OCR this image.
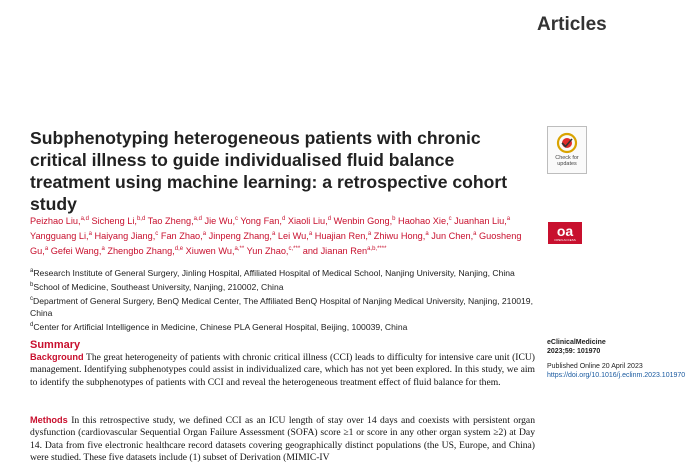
Articles
Subphenotyping heterogeneous patients with chronic critical illness to guide individualised fluid balance treatment using machine learning: a retrospective cohort study
Peizhao Liu,$^{a,d}$ Sicheng Li,$^{b,d}$ Tao Zheng,$^{a,d}$ Jie Wu,$^c$ Yong Fan,$^d$ Xiaoli Liu,$^d$ Wenbin Gong,$^b$ Haohao Xie,$^c$ Juanhan Liu,$^a$ Yangguang Li,$^a$ Haiyang Jiang,$^c$ Fan Zhao,$^a$ Jinpeng Zhang,$^a$ Lei Wu,$^a$ Huajian Ren,$^a$ Zhiwu Hong,$^a$ Jun Chen,$^a$ Guosheng Gu,$^a$ Gefei Wang,$^a$ Zhengbo Zhang,$^{d,e}$ Xiuwen Wu,$^{a,**}$ Yun Zhao,$^{c,***}$ and Jianan Ren$^{a,b,****}$
$^a$Research Institute of General Surgery, Jinling Hospital, Affiliated Hospital of Medical School, Nanjing University, Nanjing, China
$^b$School of Medicine, Southeast University, Nanjing, 210002, China
$^c$Department of General Surgery, BenQ Medical Center, The Affiliated BenQ Hospital of Nanjing Medical University, Nanjing, 210019, China
$^d$Center for Artificial Intelligence in Medicine, Chinese PLA General Hospital, Beijing, 100039, China
Summary
Background The great heterogeneity of patients with chronic critical illness (CCI) leads to difficulty for intensive care unit (ICU) management. Identifying subphenotypes could assist in individualized care, which has not yet been explored. In this study, we aim to identify the subphenotypes of patients with CCI and reveal the heterogeneous treatment effect of fluid balance for them.
Methods In this retrospective study, we defined CCI as an ICU length of stay over 14 days and coexists with persistent organ dysfunction (cardiovascular Sequential Organ Failure Assessment (SOFA) score ≥1 or score in any other organ system ≥2) at Day 14. Data from five electronic healthcare record datasets covering geographically distinct populations (the US, Europe, and China) were studied. These five datasets include (1) subset of Derivation (MIMIC-IV
Check for updates
oa
OPEN ACCESS
eClinicalMedicine
2023;59: 101970
Published Online 20 April 2023
https://doi.org/10.1016/j.eclinm.2023.101970
